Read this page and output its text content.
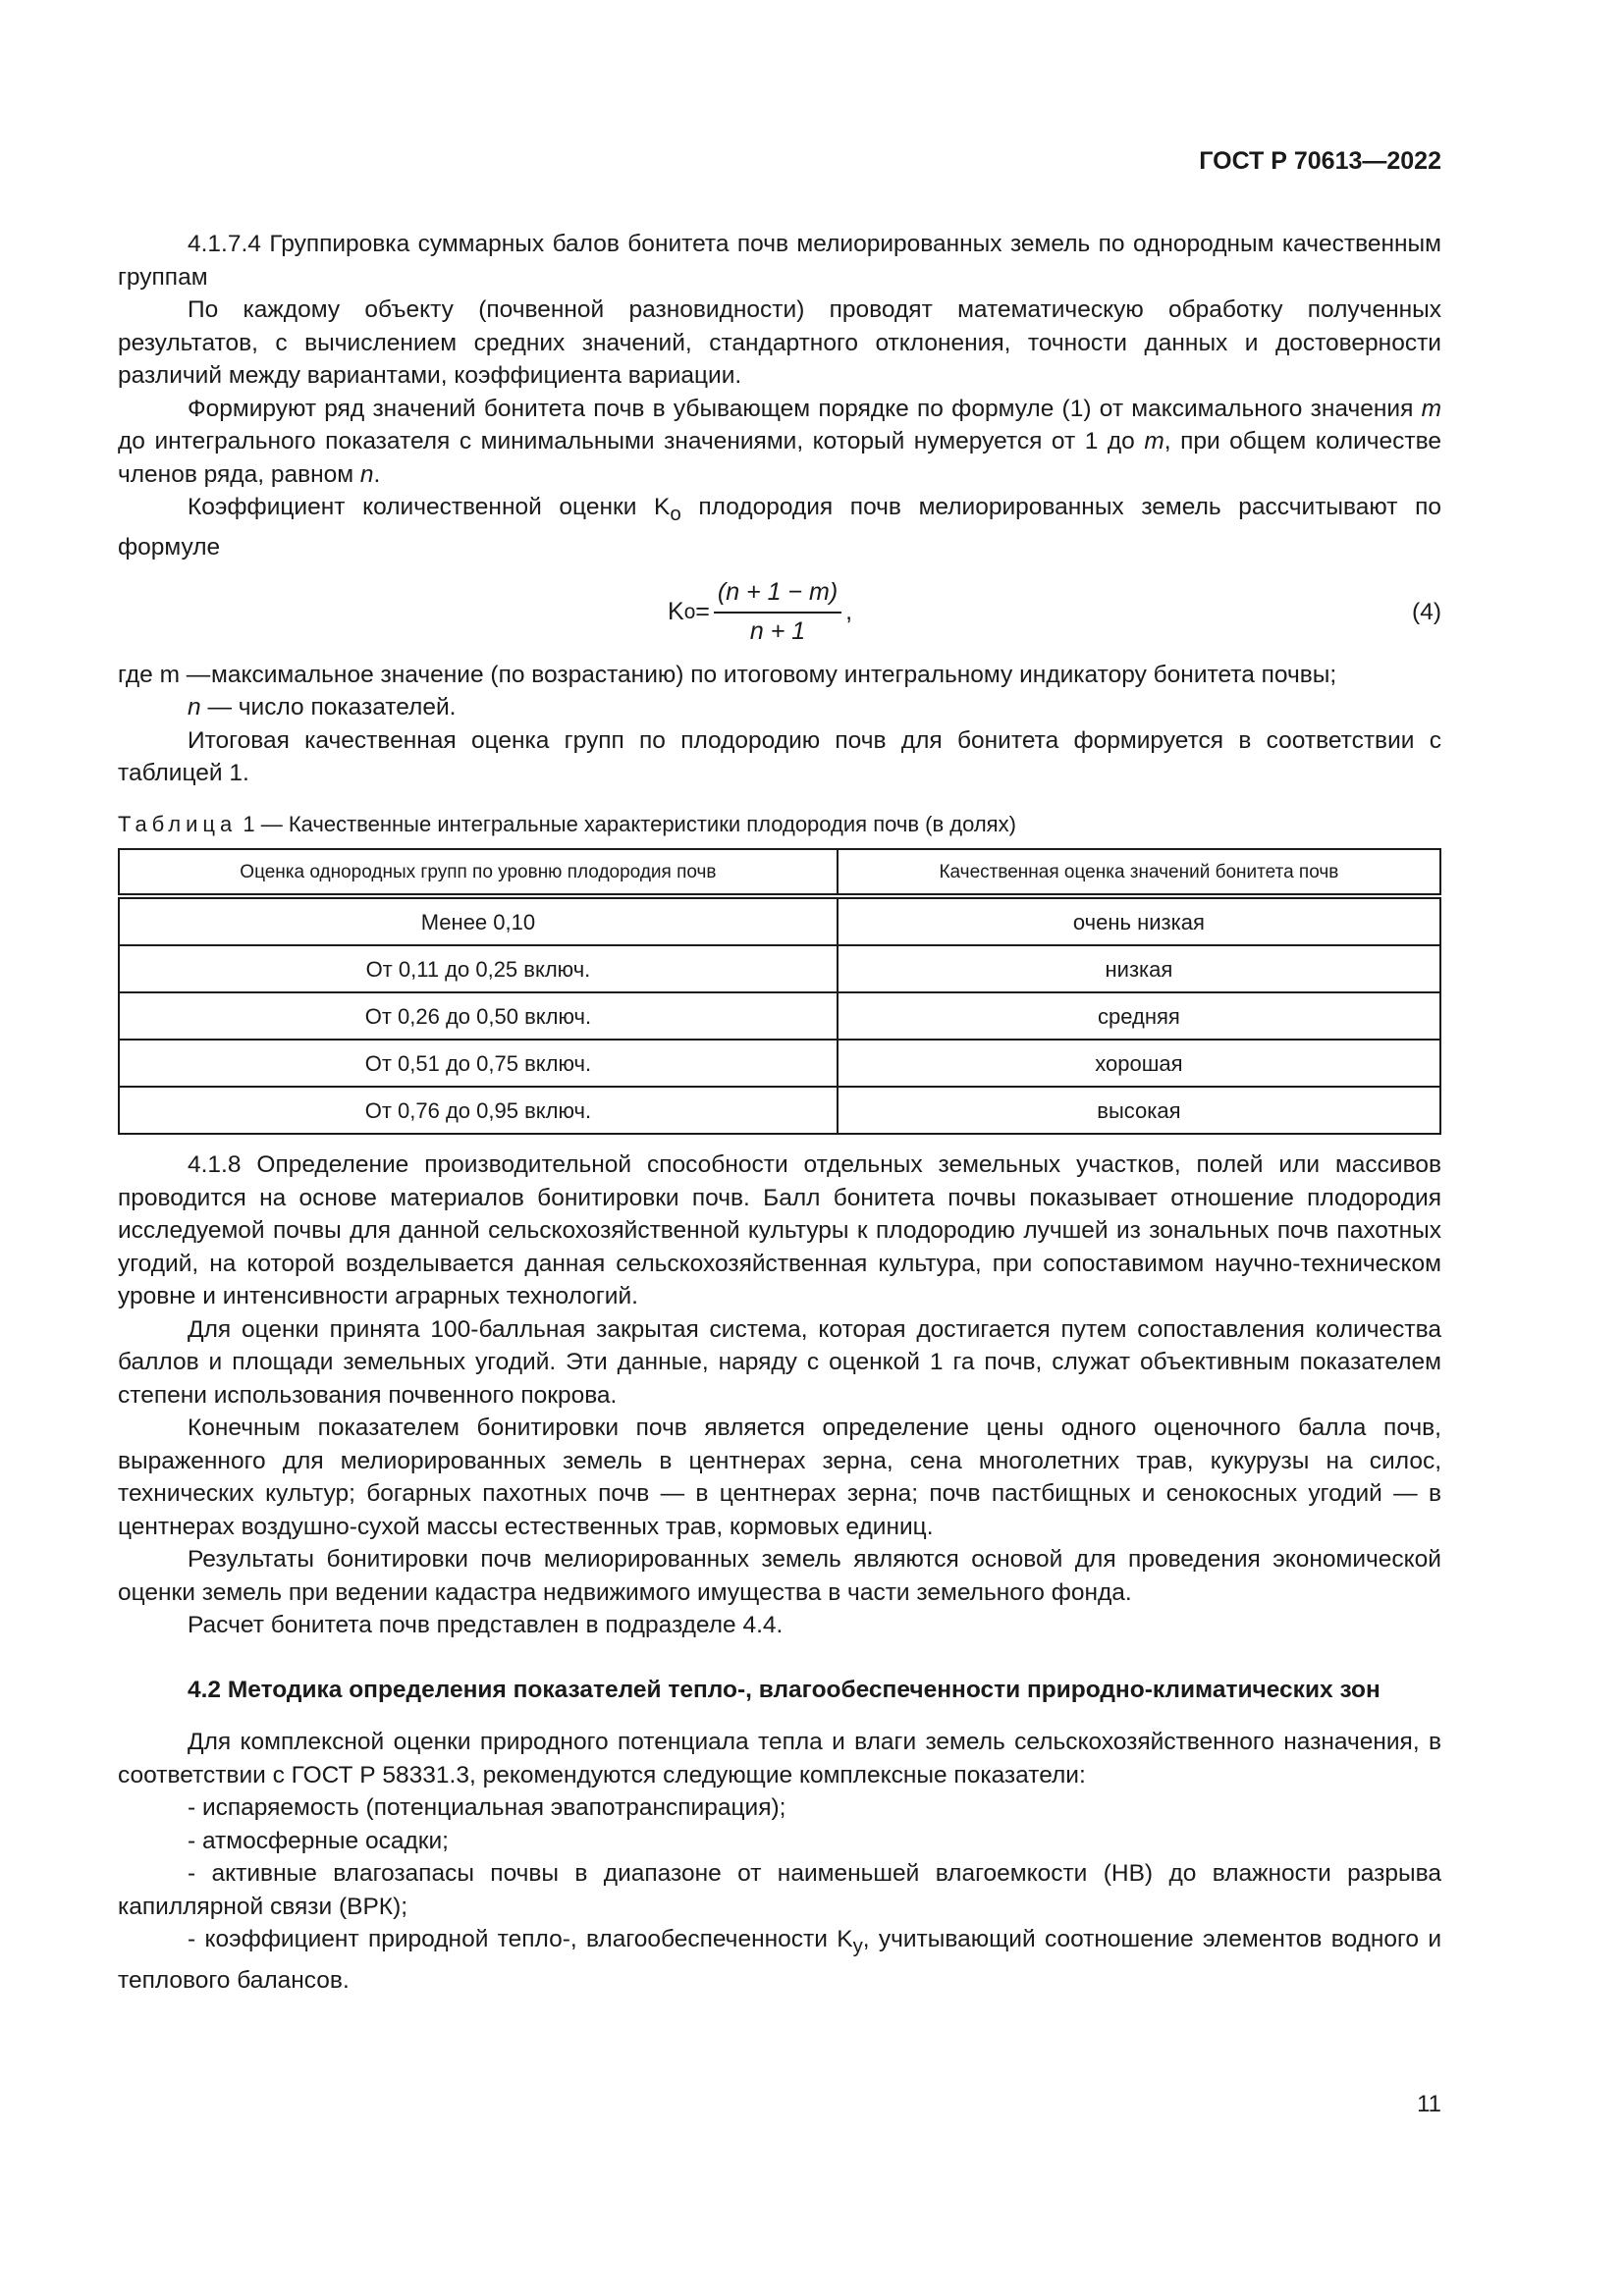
ГОСТ Р 70613—2022

4.1.7.4 Группировка суммарных балов бонитета почв мелиорированных земель по однородным качественным группам

По каждому объекту (почвенной разновидности) проводят математическую обработку полученных результатов, с вычислением средних значений, стандартного отклонения, точности данных и достоверности различий между вариантами, коэффициента вариации.

Формируют ряд значений бонитета почв в убывающем порядке по формуле (1) от максимального значения m до интегрального показателя с минимальными значениями, который нумеруется от 1 до m, при общем количестве членов ряда, равном n.

Коэффициент количественной оценки $K_o$ плодородия почв мелиорированных земель рассчитывают по формуле

K $o = \frac{(n + 1 - m)}{n + 1}$ ,	(4)
где m — максимальное значение (по возрастанию) по итоговому интегральному индикатору бонитета почвы;
n — число показателей.

Итоговая качественная оценка групп по плодородию почв для бонитета формируется в соответствии с таблицей 1.

Таблица 1 — Качественные интегральные характеристики плодородия почв (в долях)
Оценка однородных групп по уровню плодородия почв	Качественная оценка значений бонитета почв
Менее 0,10	очень низкая
От 0,11 до 0,25 включ.	низкая
От 0,26 до 0,50 включ.	средняя
От 0,51 до 0,75 включ.	хорошая
От 0,76 до 0,95 включ.	высокая

4.1.8 Определение производительной способности отдельных земельных участков, полей или массивов проводится на основе материалов бонитировки почв. Балл бонитета почвы показывает отношение плодородия исследуемой почвы для данной сельскохозяйственной культуры к плодородию лучшей из зональных почв пахотных угодий, на которой возделывается данная сельскохозяйственная культура, при сопоставимом научно-техническом уровне и интенсивности аграрных технологий.

Для оценки принята 100-балльная закрытая система, которая достигается путем сопоставления количества баллов и площади земельных угодий. Эти данные, наряду с оценкой 1 га почв, служат объективным показателем степени использования почвенного покрова.

Конечным показателем бонитировки почв является определение цены одного оценочного балла почв, выраженного для мелиорированных земель в центнерах зерна, сена многолетних трав, кукурузы на силос, технических культур; богарных пахотных почв — в центнерах зерна; почв пастбищных и сенокосных угодий — в центнерах воздушно-сухой массы естественных трав, кормовых единиц.

Результаты бонитировки почв мелиорированных земель являются основой для проведения экономической оценки земель при ведении кадастра недвижимого имущества в части земельного фонда.

Расчет бонитета почв представлен в подразделе 4.4.

4.2 Методика определения показателей тепло-, влагообеспеченности природно-климатических зон

Для комплексной оценки природного потенциала тепла и влаги земель сельскохозяйственного назначения, в соответствии с ГОСТ Р 58331.3, рекомендуются следующие комплексные показатели:

- испаряемость (потенциальная эвапотранспирация);

- атмосферные осадки;

- активные влагозапасы почвы в диапазоне от наименьшей влагоемкости (НВ) до влажности разрыва капиллярной связи (ВРК);

- коэффициент природной тепло-, влагообеспеченности $K_y$, учитывающий соотношение элементов водного и теплового балансов.

11
